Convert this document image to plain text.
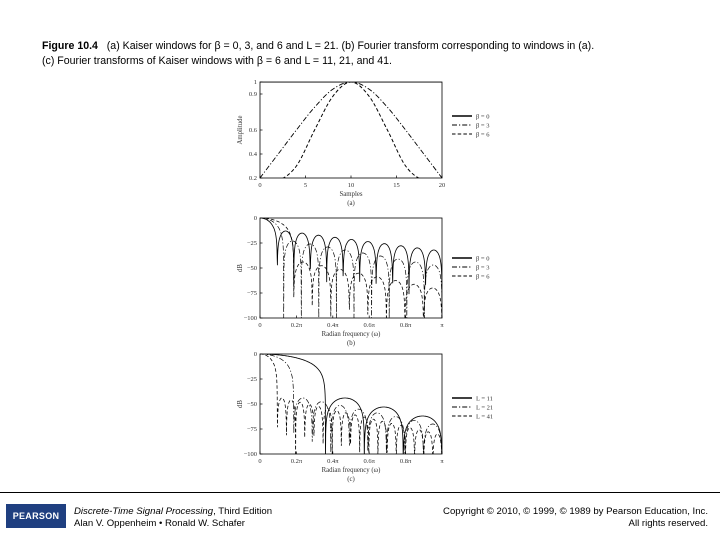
Figure 10.4 (a) Kaiser windows for β = 0, 3, and 6 and L = 21. (b) Fourier transform corresponding to windows in (a).
(c) Fourier transforms of Kaiser windows with β = 6 and L = 11, 21, and 41.
0	5	10	15	20
1
0.9
0.6
0.4
0.2
Samples
(a)
Amplitude	β = 0
β = 3
β = 6
0	0.2π	0.4π	0.6π	0.8π	π
0
−25
−50
−75
−100
Radian frequency (ω)
(b)
dB
β = 0
β = 3
β = 6
0	0.2π	0.4π	0.6π	0.8π	π
0
−25
−50
−75
−100
Radian frequency (ω)
(c)
dB
L = 11
L = 21
L = 41
PEARSON	Discrete-Time Signal Processing, Third Edition
Alan V. Oppenheim • Ronald W. Schafer
Copyright © 2010, © 1999, © 1989 by Pearson Education, Inc.
All rights reserved.
